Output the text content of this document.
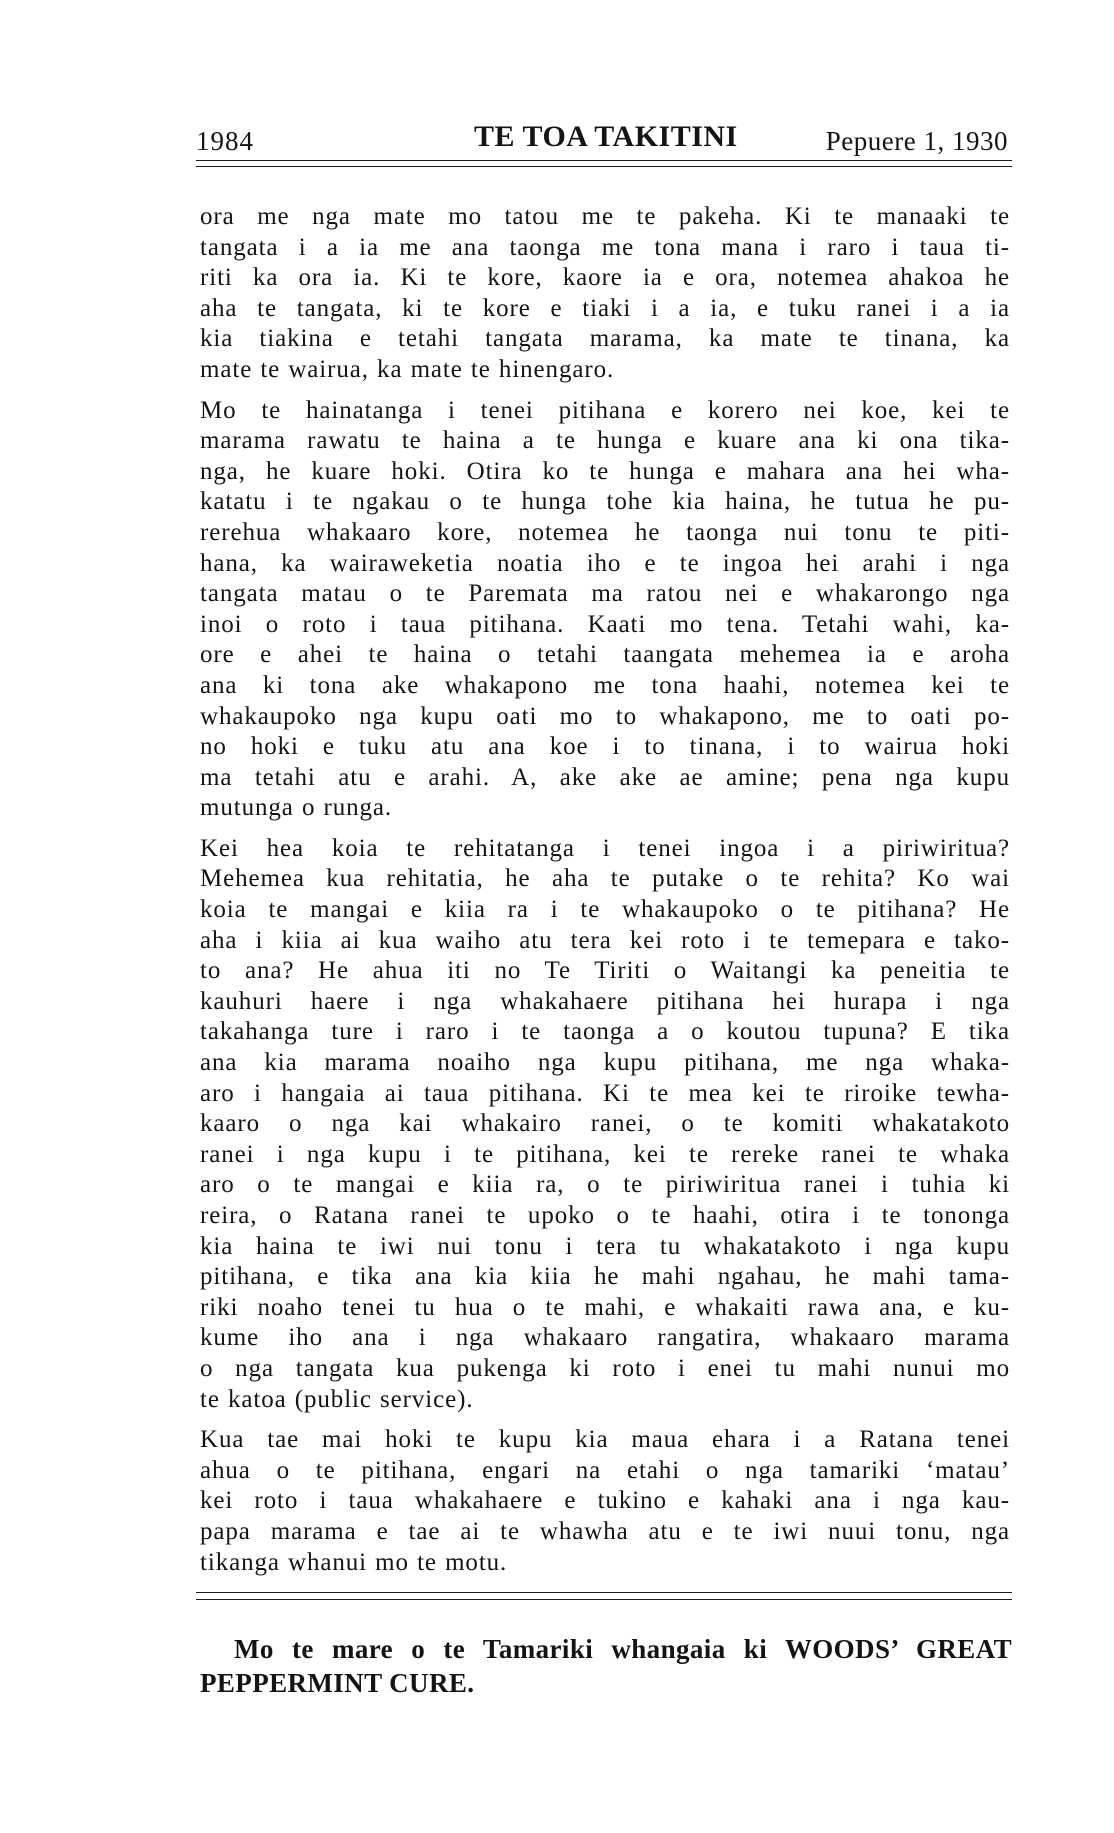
1984	TE TOA TAKITINI	Pepuere 1, 1930

ora me nga mate mo tatou me te pakeha. Ki te manaaki te
tangata i a ia me ana taonga me tona mana i raro i taua ti-
riti ka ora ia. Ki te kore, kaore ia e ora, notemea ahakoa he
aha te tangata, ki te kore e tiaki i a ia, e tuku ranei i a ia
kia tiakina e tetahi tangata marama, ka mate te tinana, ka
mate te wairua, ka mate te hinengaro.

Mo te hainatanga i tenei pitihana e korero nei koe, kei te
marama rawatu te haina a te hunga e kuare ana ki ona tika-
nga, he kuare hoki. Otira ko te hunga e mahara ana hei wha-
katatu i te ngakau o te hunga tohe kia haina, he tutua he pu-
rerehua whakaaro kore, notemea he taonga nui tonu te piti-
hana, ka wairaweketia noatia iho e te ingoa hei arahi i nga
tangata matau o te Paremata ma ratou nei e whakarongo nga
inoi o roto i taua pitihana. Kaati mo tena. Tetahi wahi, ka-
ore e ahei te haina o tetahi taangata mehemea ia e aroha
ana ki tona ake whakapono me tona haahi, notemea kei te
whakaupoko nga kupu oati mo to whakapono, me to oati po-
no hoki e tuku atu ana koe i to tinana, i to wairua hoki
ma tetahi atu e arahi. A, ake ake ae amine; pena nga kupu
mutunga o runga.

Kei hea koia te rehitatanga i tenei ingoa i a piriwiritua?
Mehemea kua rehitatia, he aha te putake o te rehita? Ko wai
koia te mangai e kiia ra i te whakaupoko o te pitihana? He
aha i kiia ai kua waiho atu tera kei roto i te temepara e tako-
to ana? He ahua iti no Te Tiriti o Waitangi ka peneitia te
kauhuri haere i nga whakahaere pitihana hei hurapa i nga
takahanga ture i raro i te taonga a o koutou tupuna? E tika
ana kia marama noaiho nga kupu pitihana, me nga whaka-
aro i hangaia ai taua pitihana. Ki te mea kei te riroike tewha-
kaaro o nga kai whakairo ranei, o te komiti whakatakoto
ranei i nga kupu i te pitihana, kei te rereke ranei te whaka
aro o te mangai e kiia ra, o te piriwiritua ranei i tuhia ki
reira, o Ratana ranei te upoko o te haahi, otira i te tononga
kia haina te iwi nui tonu i tera tu whakatakoto i nga kupu
pitihana, e tika ana kia kiia he mahi ngahau, he mahi tama-
riki noaho tenei tu hua o te mahi, e whakaiti rawa ana, e ku-
kume iho ana i nga whakaaro rangatira, whakaaro marama
o nga tangata kua pukenga ki roto i enei tu mahi nunui mo
te katoa (public service).

Kua tae mai hoki te kupu kia maua ehara i a Ratana tenei
ahua o te pitihana, engari na etahi o nga tamariki ‘matau’
kei roto i taua whakahaere e tukino e kahaki ana i nga kau-
papa marama e tae ai te whawha atu e te iwi nuui tonu, nga
tikanga whanui mo te motu.

Mo te mare o te Tamariki whangaia ki WOODS’ GREAT
PEPPERMINT CURE.
